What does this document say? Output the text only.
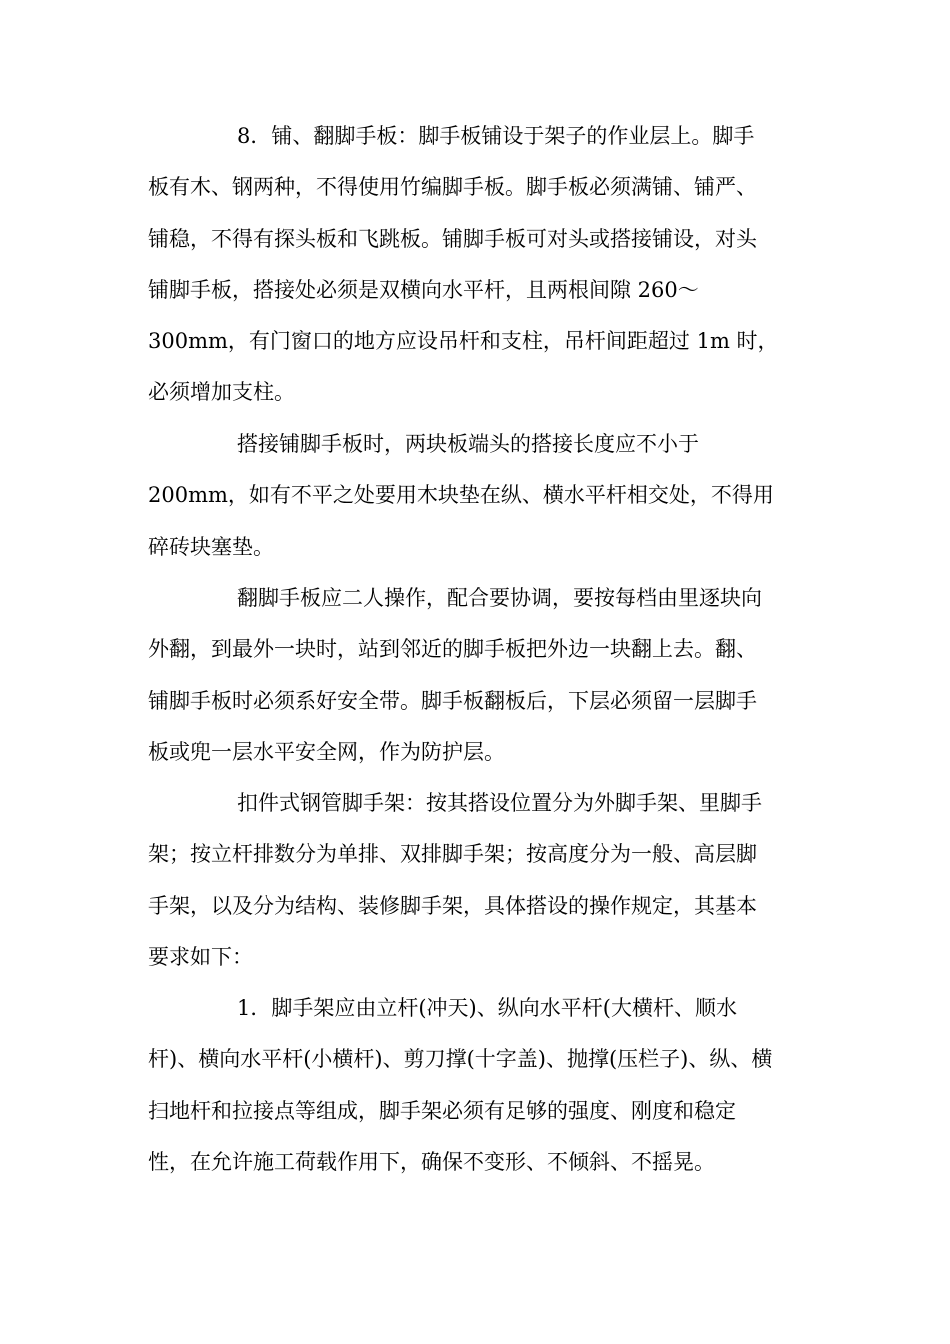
8．铺、翻脚手板：脚手板铺设于架子的作业层上。脚手
板有木、钢两种，不得使用竹编脚手板。脚手板必须满铺、铺严、
铺稳，不得有探头板和飞跳板。铺脚手板可对头或搭接铺设，对头
铺脚手板，搭接处必须是双横向水平杆，且两根间隙 260～
300mm，有门窗口的地方应设吊杆和支柱，吊杆间距超过 1m 时，
必须增加支柱。
搭接铺脚手板时，两块板端头的搭接长度应不小于
200mm，如有不平之处要用木块垫在纵、横水平杆相交处，不得用
碎砖块塞垫。
翻脚手板应二人操作，配合要协调，要按每档由里逐块向
外翻，到最外一块时，站到邻近的脚手板把外边一块翻上去。翻、
铺脚手板时必须系好安全带。脚手板翻板后，下层必须留一层脚手
板或兜一层水平安全网，作为防护层。
扣件式钢管脚手架：按其搭设位置分为外脚手架、里脚手
架；按立杆排数分为单排、双排脚手架；按高度分为一般、高层脚
手架，以及分为结构、装修脚手架，具体搭设的操作规定，其基本
要求如下：
1．脚手架应由立杆(冲天)、纵向水平杆(大横杆、顺水
杆)、横向水平杆(小横杆)、剪刀撑(十字盖)、抛撑(压栏子)、纵、横
扫地杆和拉接点等组成，脚手架必须有足够的强度、刚度和稳定
性，在允许施工荷载作用下，确保不变形、不倾斜、不摇晃。
